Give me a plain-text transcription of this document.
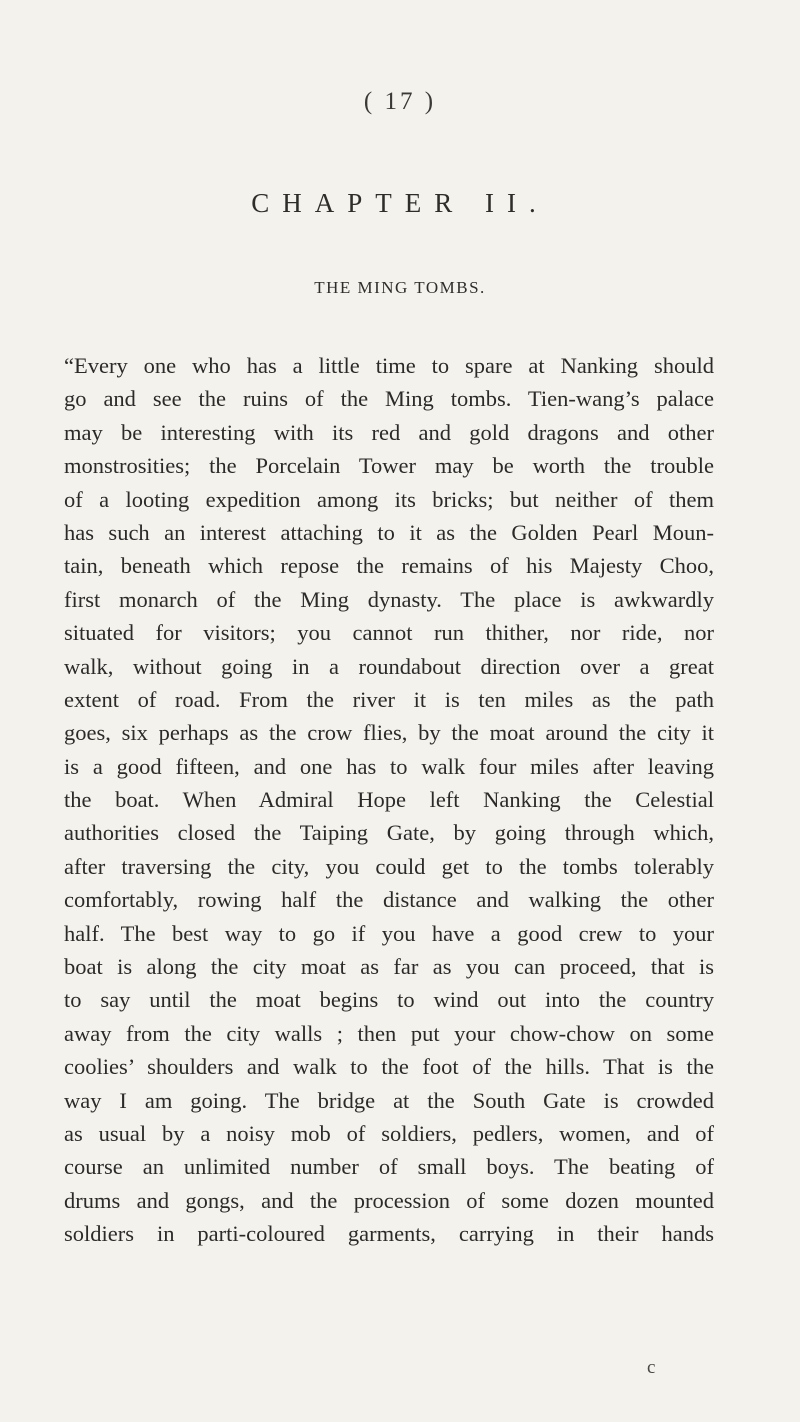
( 17 )
CHAPTER II.
THE MING TOMBS.
“Every one who has a little time to spare at Nanking should
go and see the ruins of the Ming tombs. Tien-wang’s palace
may be interesting with its red and gold dragons and other
monstrosities; the Porcelain Tower may be worth the trouble
of a looting expedition among its bricks; but neither of them
has such an interest attaching to it as the Golden Pearl Moun-
tain, beneath which repose the remains of his Majesty Choo,
first monarch of the Ming dynasty. The place is awkwardly
situated for visitors; you cannot run thither, nor ride, nor
walk, without going in a roundabout direction over a great
extent of road. From the river it is ten miles as the path
goes, six perhaps as the crow flies, by the moat around the city it
is a good fifteen, and one has to walk four miles after leaving
the boat. When Admiral Hope left Nanking the Celestial
authorities closed the Taiping Gate, by going through which,
after traversing the city, you could get to the tombs tolerably
comfortably, rowing half the distance and walking the other
half. The best way to go if you have a good crew to your
boat is along the city moat as far as you can proceed, that is
to say until the moat begins to wind out into the country
away from the city walls ; then put your chow-chow on some
coolies’ shoulders and walk to the foot of the hills. That is the
way I am going. The bridge at the South Gate is crowded
as usual by a noisy mob of soldiers, pedlers, women, and of
course an unlimited number of small boys. The beating of
drums and gongs, and the procession of some dozen mounted
soldiers in parti-coloured garments, carrying in their hands
c
